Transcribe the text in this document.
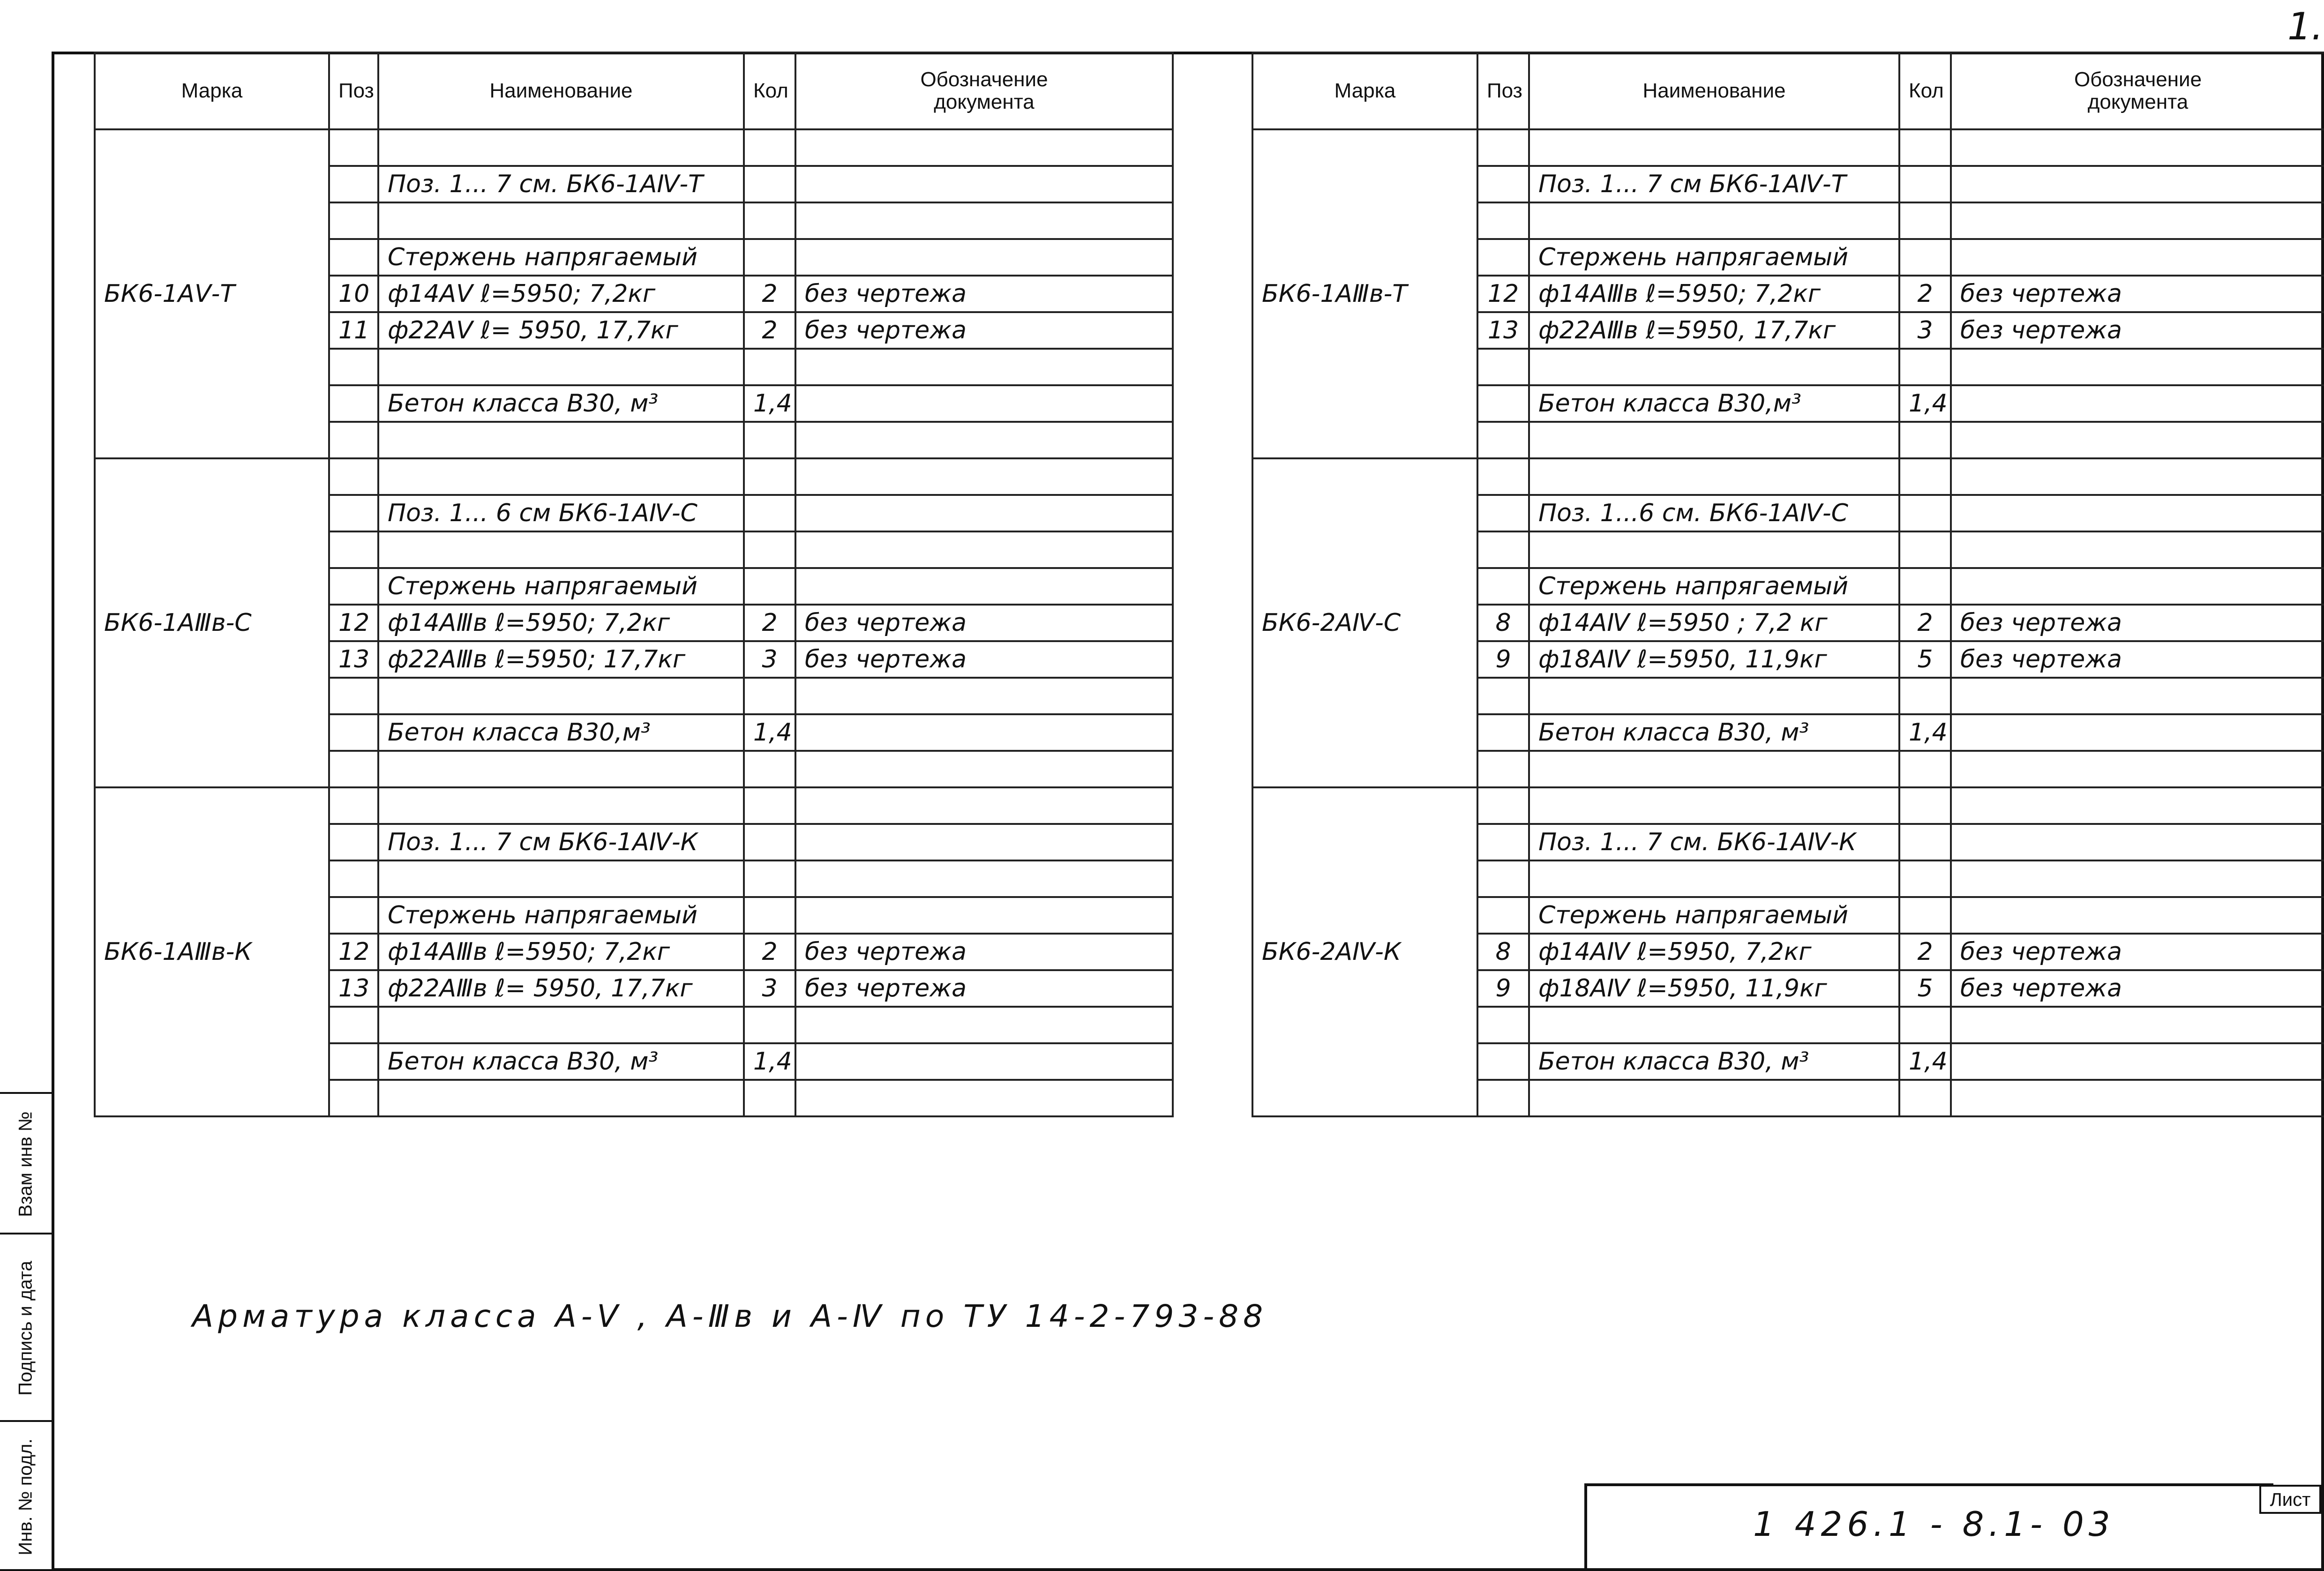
1.
Марка	Поз	Наименование	Кол	Обозначение
документа
БК6-1АⅤ-Т				
		Поз. 1... 7 см. БК6-1АⅣ-Т		

		Стержень напрягаемый		
	10	ф14АⅤ ℓ=5950; 7,2кг	2	без чертежа
	11	ф22АⅤ ℓ= 5950, 17,7кг	2	без чертежа

		Бетон класса В30, м³	1,4	

БК6-1АⅢв-С				
		Поз. 1... 6 см БК6-1АⅣ-С		

		Стержень напрягаемый		
	12	ф14АⅢв ℓ=5950; 7,2кг	2	без чертежа
	13	ф22АⅢв ℓ=5950; 17,7кг	3	без чертежа

		Бетон класса В30,м³	1,4	

БК6-1АⅢв-К				
		Поз. 1... 7 см БК6-1АⅣ-К		

		Стержень напрягаемый		
	12	ф14АⅢв ℓ=5950; 7,2кг	2	без чертежа
	13	ф22АⅢв ℓ= 5950, 17,7кг	3	без чертежа

		Бетон класса В30, м³	1,4	

Марка	Поз	Наименование	Кол	Обозначение
документа
БК6-1АⅢв-Т				
		Поз. 1... 7 см БК6-1АⅣ-Т		

		Стержень напрягаемый		
	12	ф14АⅢв ℓ=5950; 7,2кг	2	без чертежа
	13	ф22АⅢв ℓ=5950, 17,7кг	3	без чертежа

		Бетон класса В30,м³	1,4	

БК6-2АⅣ-С				
		Поз. 1...6 см. БК6-1АⅣ-С		

		Стержень напрягаемый		
	8	ф14АⅣ ℓ=5950 ; 7,2 кг	2	без чертежа
	9	ф18АⅣ ℓ=5950, 11,9кг	5	без чертежа

		Бетон класса В30, м³	1,4	

БК6-2АⅣ-К				
		Поз. 1... 7 см. БК6-1АⅣ-К		

		Стержень напрягаемый		
	8	ф14АⅣ ℓ=5950, 7,2кг	2	без чертежа
	9	ф18АⅣ ℓ=5950, 11,9кг	5	без чертежа

		Бетон класса В30, м³	1,4	

Арматура класса А-Ⅴ , А-Ⅲв и А-Ⅳ по ТУ 14-2-793-88
1 426.1 - 8.1- 03
Лист
Взам инв №
Подпись и дата
Инв. № подл.
